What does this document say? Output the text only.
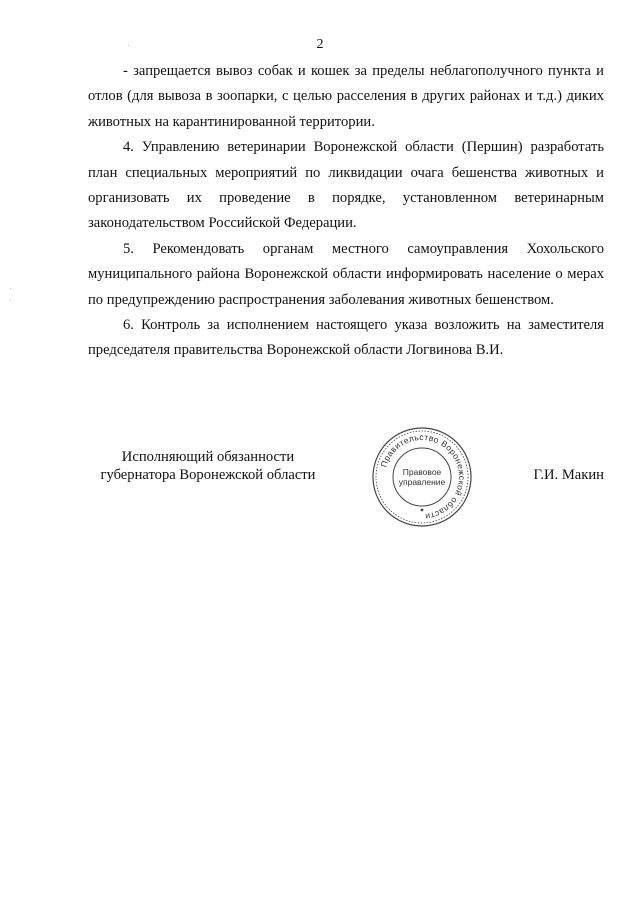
2

- запрещается вывоз собак и кошек за пределы неблагополучного пункта и отлов (для вывоза в зоопарки, с целью расселения в других районах и т.д.) диких животных на карантинированной территории.

4. Управлению ветеринарии Воронежской области (Першин) разработать план специальных мероприятий по ликвидации очага бешенства животных и организовать их проведение в порядке, установленном ветеринарным законодательством Российской Федерации.

5. Рекомендовать органам местного самоуправления Хохольского муниципального района Воронежской области информировать население о мерах по предупреждению распространения заболевания животных бешенством.

6. Контроль за исполнением настоящего указа возложить на заместителя председателя правительства Воронежской области Логвинова В.И.

Исполняющий обязанности
губернатора Воронежской области
Правительство Воронежской области
Правовое
управление	Г.И. Макин
